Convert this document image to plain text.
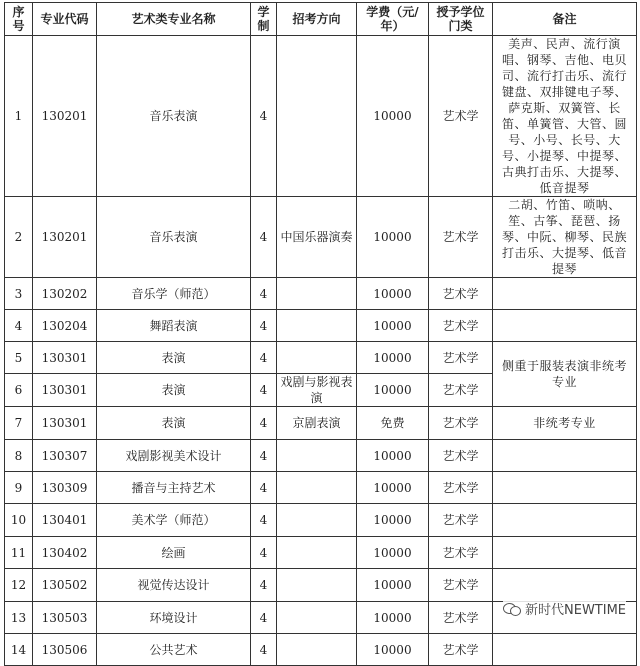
序号	专业代码	艺术类专业名称	学制	招考方向	学费（元/年）	授予学位门类	备注
1	130201	音乐表演	4		10000	艺术学	美声、民声、流行演唱、钢琴、吉他、电贝司、流行打击乐、流行键盘、双排键电子琴、萨克斯、双簧管、长笛、单簧管、大管、圆号、小号、长号、大号、小提琴、中提琴、古典打击乐、大提琴、低音提琴
2	130201	音乐表演	4	中国乐器演奏	10000	艺术学	二胡、竹笛、唢呐、笙、古筝、琵琶、扬琴、中阮、柳琴、民族打击乐、大提琴、低音提琴
3	130202	音乐学（师范）	4		10000	艺术学	
4	130204	舞蹈表演	4		10000	艺术学	
5	130301	表演	4		10000	艺术学	侧重于服装表演非统考专业
6	130301	表演	4	戏剧与影视表演	10000	艺术学	
7	130301	表演	4	京剧表演	免费	艺术学	非统考专业
8	130307	戏剧影视美术设计	4		10000	艺术学	
9	130309	播音与主持艺术	4		10000	艺术学	
10	130401	美术学（师范）	4		10000	艺术学	
11	130402	绘画	4		10000	艺术学	
12	130502	视觉传达设计	4		10000	艺术学	
13	130503	环境设计	4		10000	艺术学	
14	130506	公共艺术	4		10000	艺术学	
新时代NEWTIME
